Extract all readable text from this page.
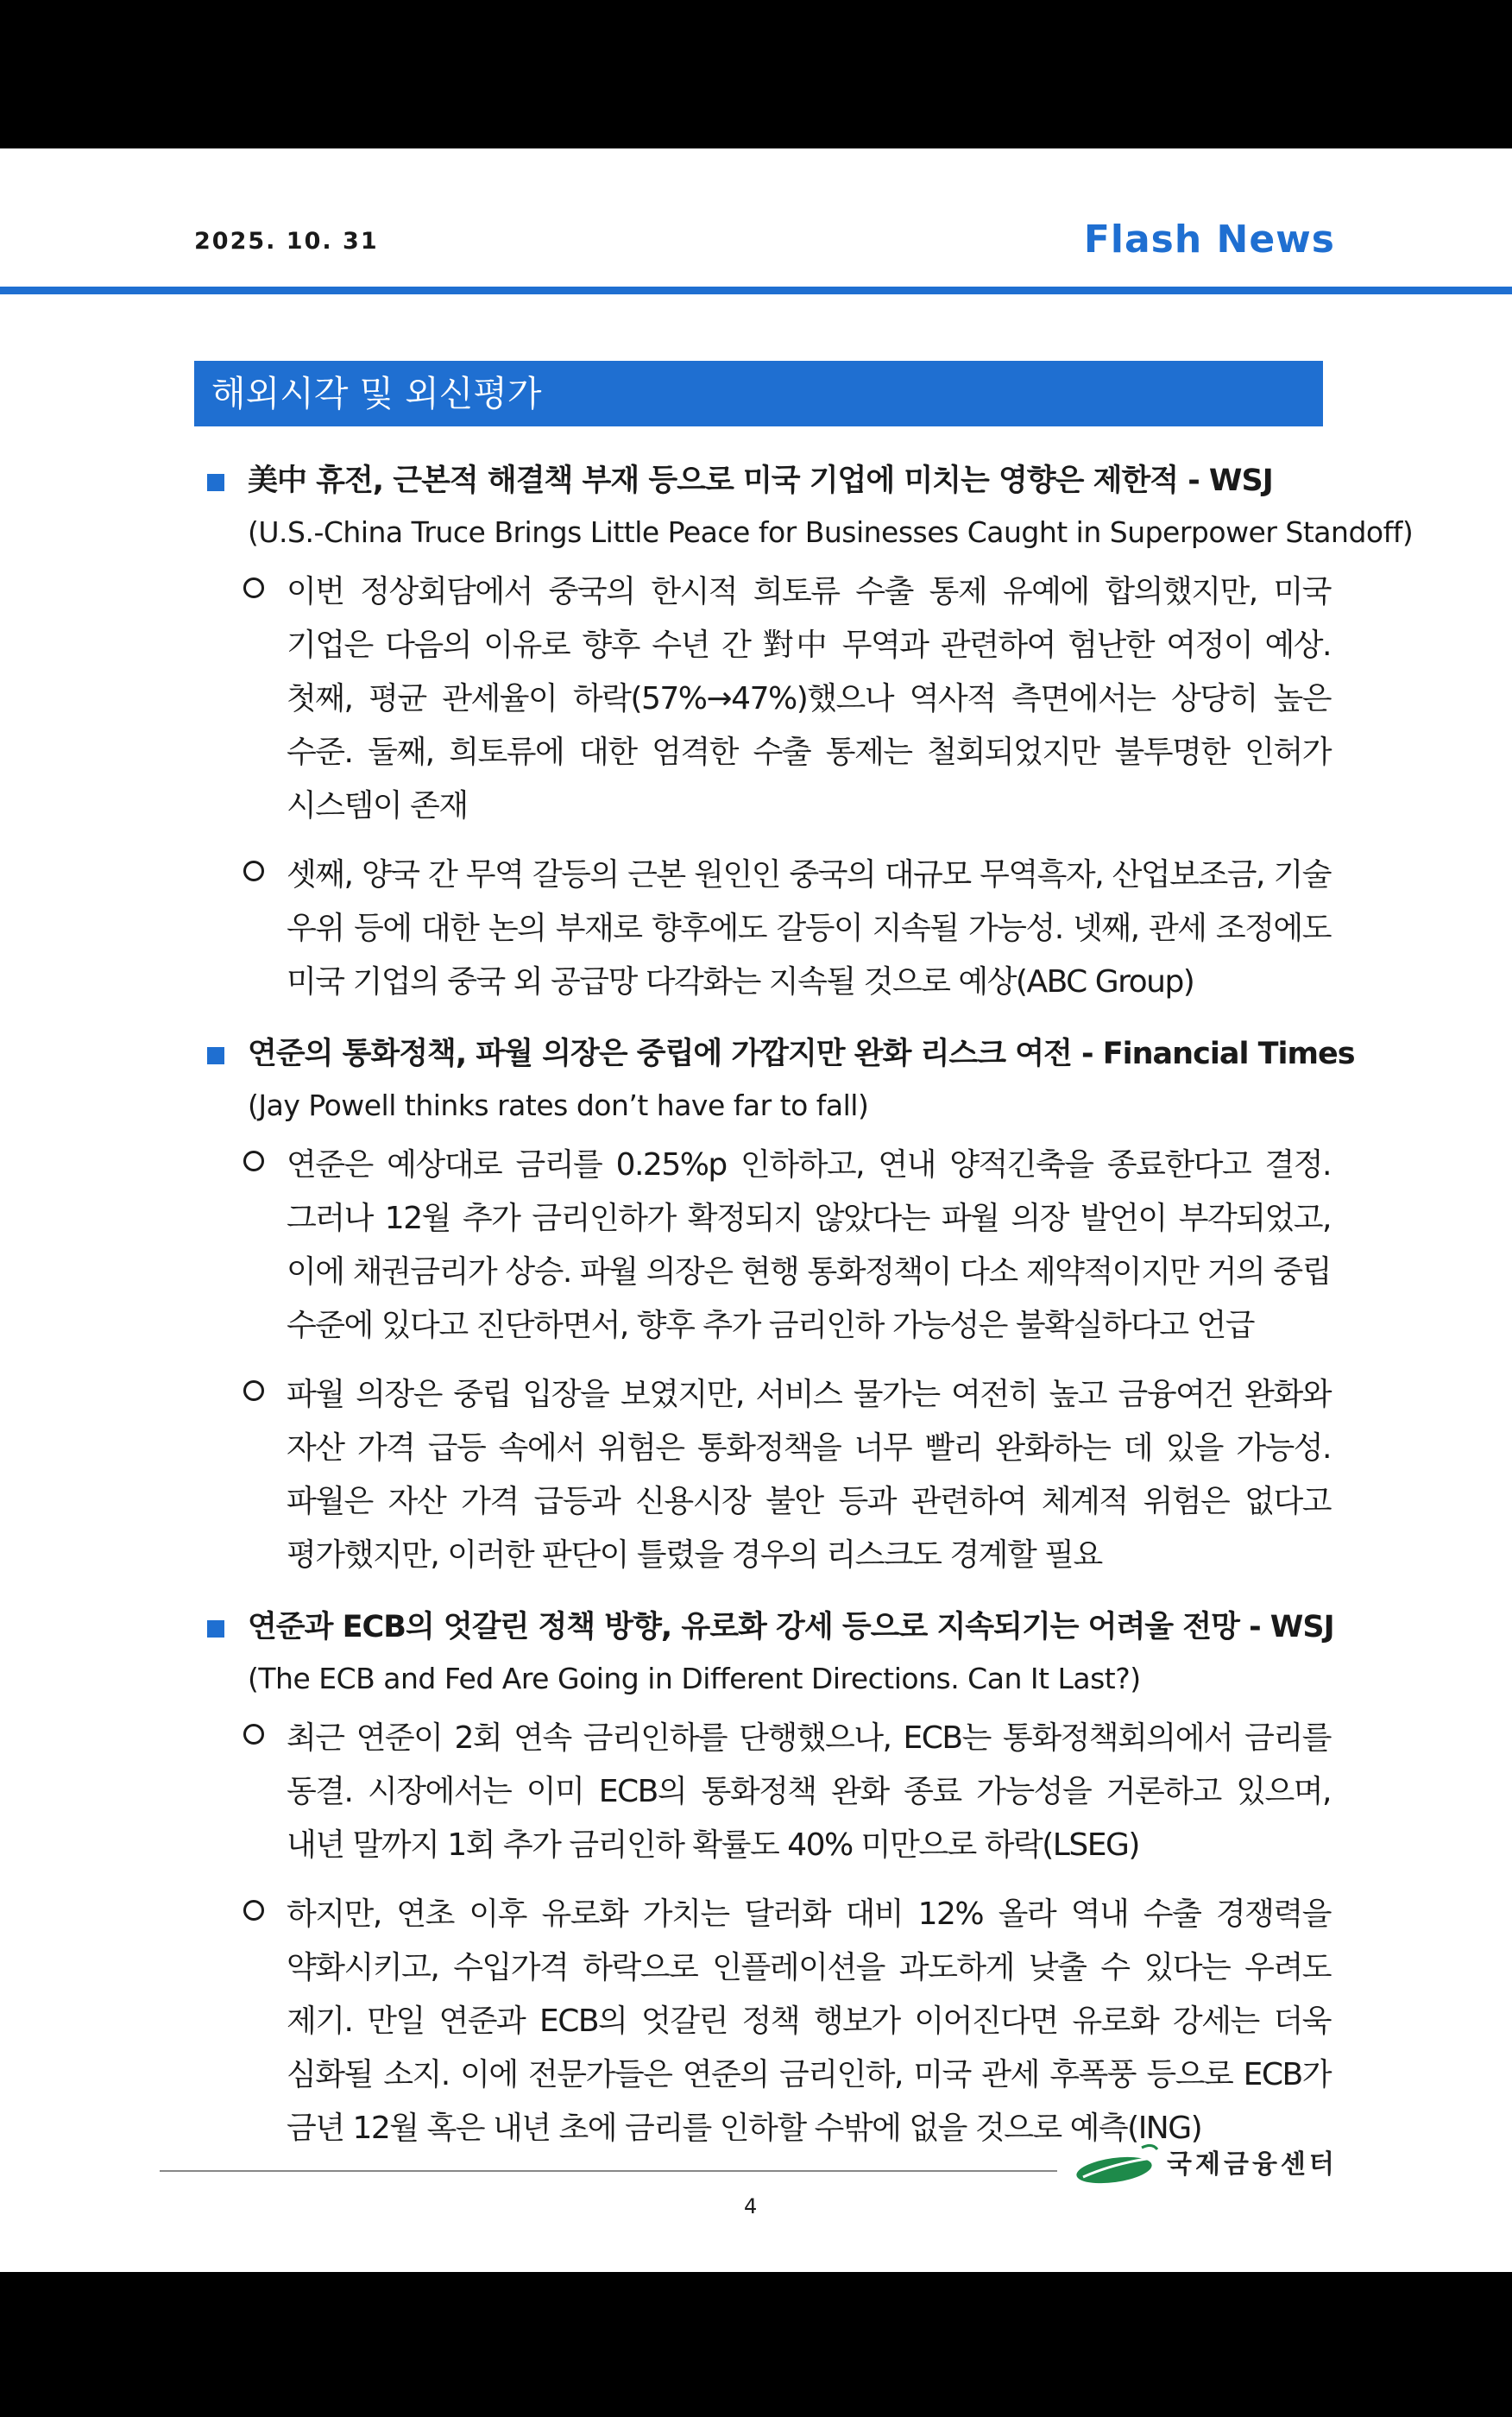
2025. 10. 31	Flash News
해외시각 및 외신평가
美中 휴전, 근본적 해결책 부재 등으로 미국 기업에 미치는 영향은 제한적 - WSJ
(U.S.-China Truce Brings Little Peace for Businesses Caught in Superpower Standoff)
이번 정상회담에서 중국의 한시적 희토류 수출 통제 유예에 합의했지만, 미국 기업은 다음의 이유로 향후 수년 간 對中 무역과 관련하여 험난한 여정이 예상. 첫째, 평균 관세율이 하락(57%→47%)했으나 역사적 측면에서는 상당히 높은 수준. 둘째, 희토류에 대한 엄격한 수출 통제는 철회되었지만 불투명한 인허가 시스템이 존재
셋째, 양국 간 무역 갈등의 근본 원인인 중국의 대규모 무역흑자, 산업보조금, 기술 우위 등에 대한 논의 부재로 향후에도 갈등이 지속될 가능성. 넷째, 관세 조정에도 미국 기업의 중국 외 공급망 다각화는 지속될 것으로 예상(ABC Group)
연준의 통화정책, 파월 의장은 중립에 가깝지만 완화 리스크 여전 - Financial Times
(Jay Powell thinks rates don’t have far to fall)
연준은 예상대로 금리를 0.25%p 인하하고, 연내 양적긴축을 종료한다고 결정. 그러나 12월 추가 금리인하가 확정되지 않았다는 파월 의장 발언이 부각되었고, 이에 채권금리가 상승. 파월 의장은 현행 통화정책이 다소 제약적이지만 거의 중립 수준에 있다고 진단하면서, 향후 추가 금리인하 가능성은 불확실하다고 언급
파월 의장은 중립 입장을 보였지만, 서비스 물가는 여전히 높고 금융여건 완화와 자산 가격 급등 속에서 위험은 통화정책을 너무 빨리 완화하는 데 있을 가능성. 파월은 자산 가격 급등과 신용시장 불안 등과 관련하여 체계적 위험은 없다고 평가했지만, 이러한 판단이 틀렸을 경우의 리스크도 경계할 필요
연준과 ECB의 엇갈린 정책 방향, 유로화 강세 등으로 지속되기는 어려울 전망 - WSJ
(The ECB and Fed Are Going in Different Directions. Can It Last?)
최근 연준이 2회 연속 금리인하를 단행했으나, ECB는 통화정책회의에서 금리를 동결. 시장에서는 이미 ECB의 통화정책 완화 종료 가능성을 거론하고 있으며, 내년 말까지 1회 추가 금리인하 확률도 40% 미만으로 하락(LSEG)
하지만, 연초 이후 유로화 가치는 달러화 대비 12% 올라 역내 수출 경쟁력을 약화시키고, 수입가격 하락으로 인플레이션을 과도하게 낮출 수 있다는 우려도 제기. 만일 연준과 ECB의 엇갈린 정책 행보가 이어진다면 유로화 강세는 더욱 심화될 소지. 이에 전문가들은 연준의 금리인하, 미국 관세 후폭풍 등으로 ECB가 금년 12월 혹은 내년 초에 금리를 인하할 수밖에 없을 것으로 예측(ING)
국제금융센터
4
